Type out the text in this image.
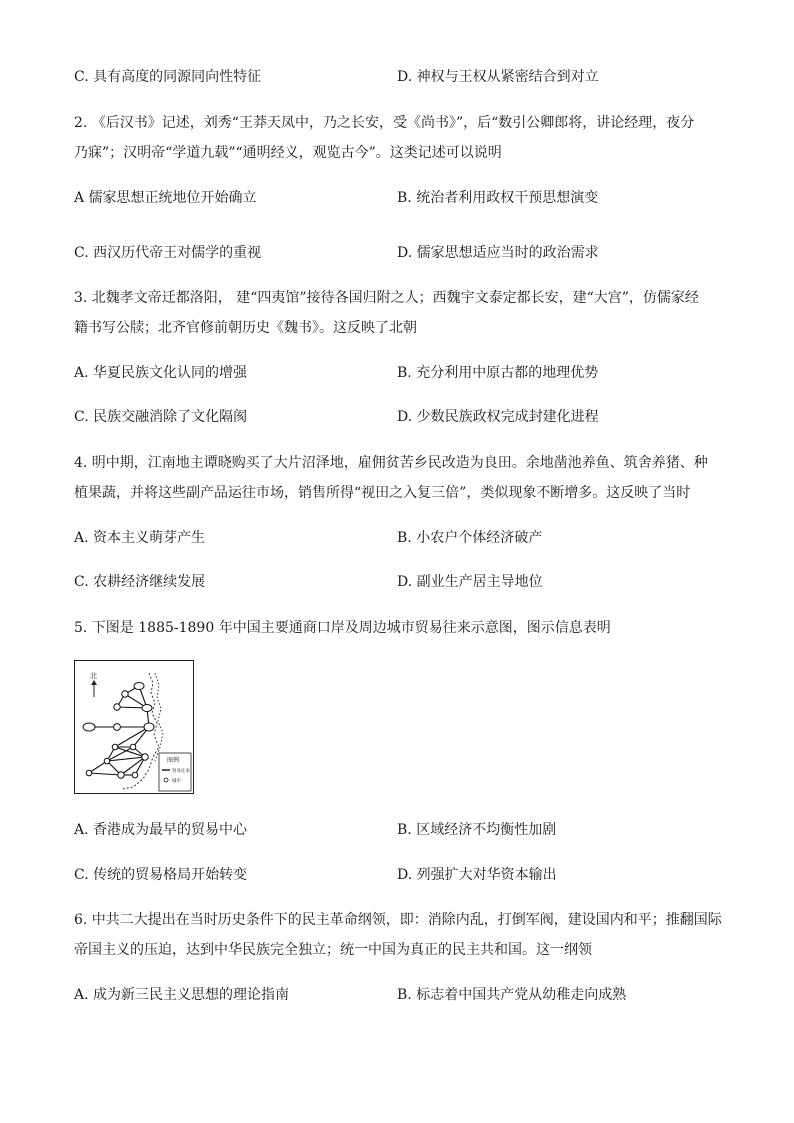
C. 具有高度的同源同向性特征	D. 神权与王权从紧密结合到对立
2. 《后汉书》记述，刘秀“王莽天凤中，乃之长安，受《尚书》”，后“数引公卿郎将，讲论经理，夜分
乃寐”；汉明帝“学道九载”“通明经义，观览古今”。这类记述可以说明
A 儒家思想正统地位开始确立	B. 统治者利用政权干预思想演变
C. 西汉历代帝王对儒学的重视	D. 儒家思想适应当时的政治需求
3. 北魏孝文帝迁都洛阳， 建“四夷馆”接待各国归附之人；西魏宇文泰定都长安，建“大宫”，仿儒家经
籍书写公牍；北齐官修前朝历史《魏书》。这反映了北朝
A. 华夏民族文化认同的增强	B. 充分利用中原古都的地理优势
C. 民族交融消除了文化隔阂	D. 少数民族政权完成封建化进程
4. 明中期，江南地主谭晓购买了大片沼泽地，雇佣贫苦乡民改造为良田。余地凿池养鱼、筑舍养猪、种
植果蔬，并将这些副产品运往市场，销售所得“视田之入复三倍”，类似现象不断增多。这反映了当时
A. 资本主义萌芽产生	B. 小农户个体经济破产
C. 农耕经济继续发展	D. 副业生产居主导地位
5. 下图是 1885-1890 年中国主要通商口岸及周边城市贸易往来示意图，图示信息表明
北
图例
贸易往来
城市
A. 香港成为最早的贸易中心	B. 区域经济不均衡性加剧
C. 传统的贸易格局开始转变	D. 列强扩大对华资本输出
6. 中共二大提出在当时历史条件下的民主革命纲领，即：消除内乱，打倒军阀，建设国内和平；推翻国际
帝国主义的压迫，达到中华民族完全独立；统一中国为真正的民主共和国。这一纲领
A. 成为新三民主义思想的理论指南	B. 标志着中国共产党从幼稚走向成熟
